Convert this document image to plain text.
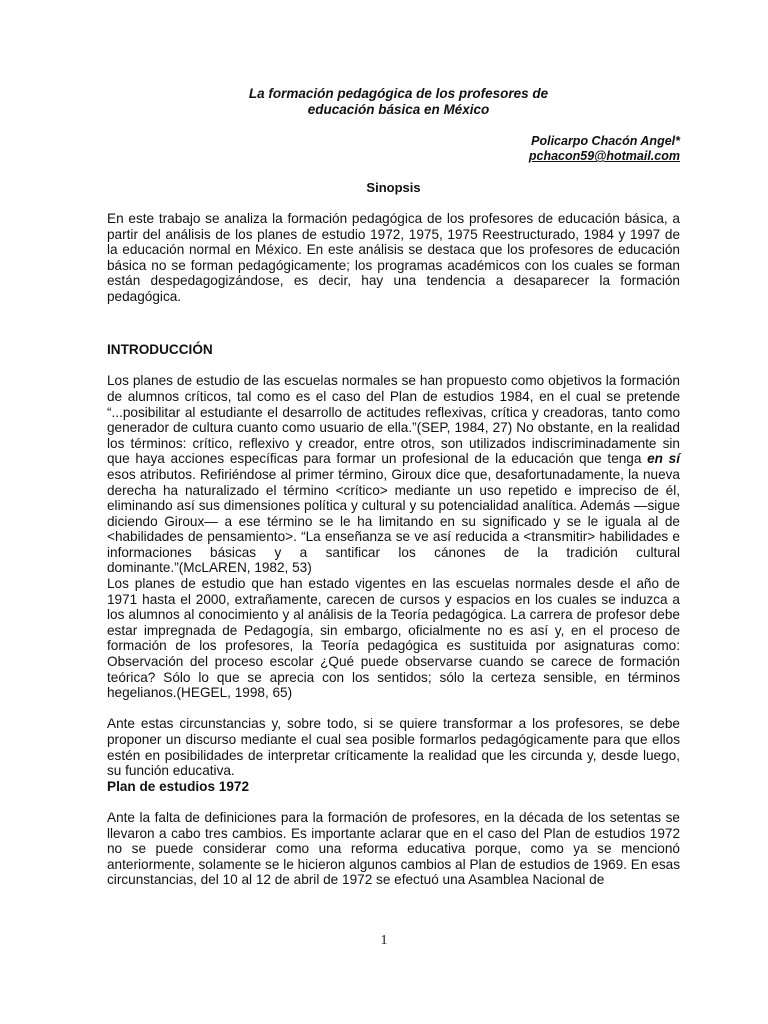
La formación pedagógica de los profesores de
educación básica en México
Policarpo Chacón Angel*
pchacon59@hotmail.com
Sinopsis

En este trabajo se analiza la formación pedagógica de los profesores de educación básica, a partir del análisis de los planes de estudio 1972, 1975, 1975 Reestructurado, 1984 y 1997 de la educación normal en México. En este análisis se destaca que los profesores de educación básica no se forman pedagógicamente; los programas académicos con los cuales se forman están despedagogizándose, es decir, hay una tendencia a desaparecer la formación pedagógica.

INTRODUCCIÓN

Los planes de estudio de las escuelas normales se han propuesto como objetivos la formación de alumnos críticos, tal como es el caso del Plan de estudios 1984, en el cual se pretende “...posibilitar al estudiante el desarrollo de actitudes reflexivas, crítica y creadoras, tanto como generador de cultura cuanto como usuario de ella.”(SEP, 1984, 27) No obstante, en la realidad los términos: crítico, reflexivo y creador, entre otros, son utilizados indiscriminadamente sin que haya acciones específicas para formar un profesional de la educación que tenga en sí esos atributos. Refiriéndose al primer término, Giroux dice que, desafortunadamente, la nueva derecha ha naturalizado el término <crítico> mediante un uso repetido e impreciso de él, eliminando así sus dimensiones política y cultural y su potencialidad analítica. Además —sigue diciendo Giroux— a ese término se le ha limitando en su significado y se le iguala al de <habilidades de pensamiento>. “La enseñanza se ve así reducida a <transmitir> habilidades e informaciones básicas y a santificar los cánones de la tradición cultural dominante.”(McLAREN, 1982, 53)

Los planes de estudio que han estado vigentes en las escuelas normales desde el año de 1971 hasta el 2000, extrañamente, carecen de cursos y espacios en los cuales se induzca a los alumnos al conocimiento y al análisis de la Teoría pedagógica. La carrera de profesor debe estar impregnada de Pedagogía, sin embargo, oficialmente no es así y, en el proceso de formación de los profesores, la Teoría pedagógica es sustituida por asignaturas como: Observación del proceso escolar ¿Qué puede observarse cuando se carece de formación teórica? Sólo lo que se aprecia con los sentidos; sólo la certeza sensible, en términos hegelianos.(HEGEL, 1998, 65)

Ante estas circunstancias y, sobre todo, si se quiere transformar a los profesores, se debe proponer un discurso mediante el cual sea posible formarlos pedagógicamente para que ellos estén en posibilidades de interpretar críticamente la realidad que les circunda y, desde luego, su función educativa.

Plan de estudios 1972

Ante la falta de definiciones para la formación de profesores, en la década de los setentas se llevaron a cabo tres cambios. Es importante aclarar que en el caso del Plan de estudios 1972 no se puede considerar como una reforma educativa porque, como ya se mencionó anteriormente, solamente se le hicieron algunos cambios al Plan de estudios de 1969. En esas circunstancias, del 10 al 12 de abril de 1972 se efectuó una Asamblea Nacional de

1
